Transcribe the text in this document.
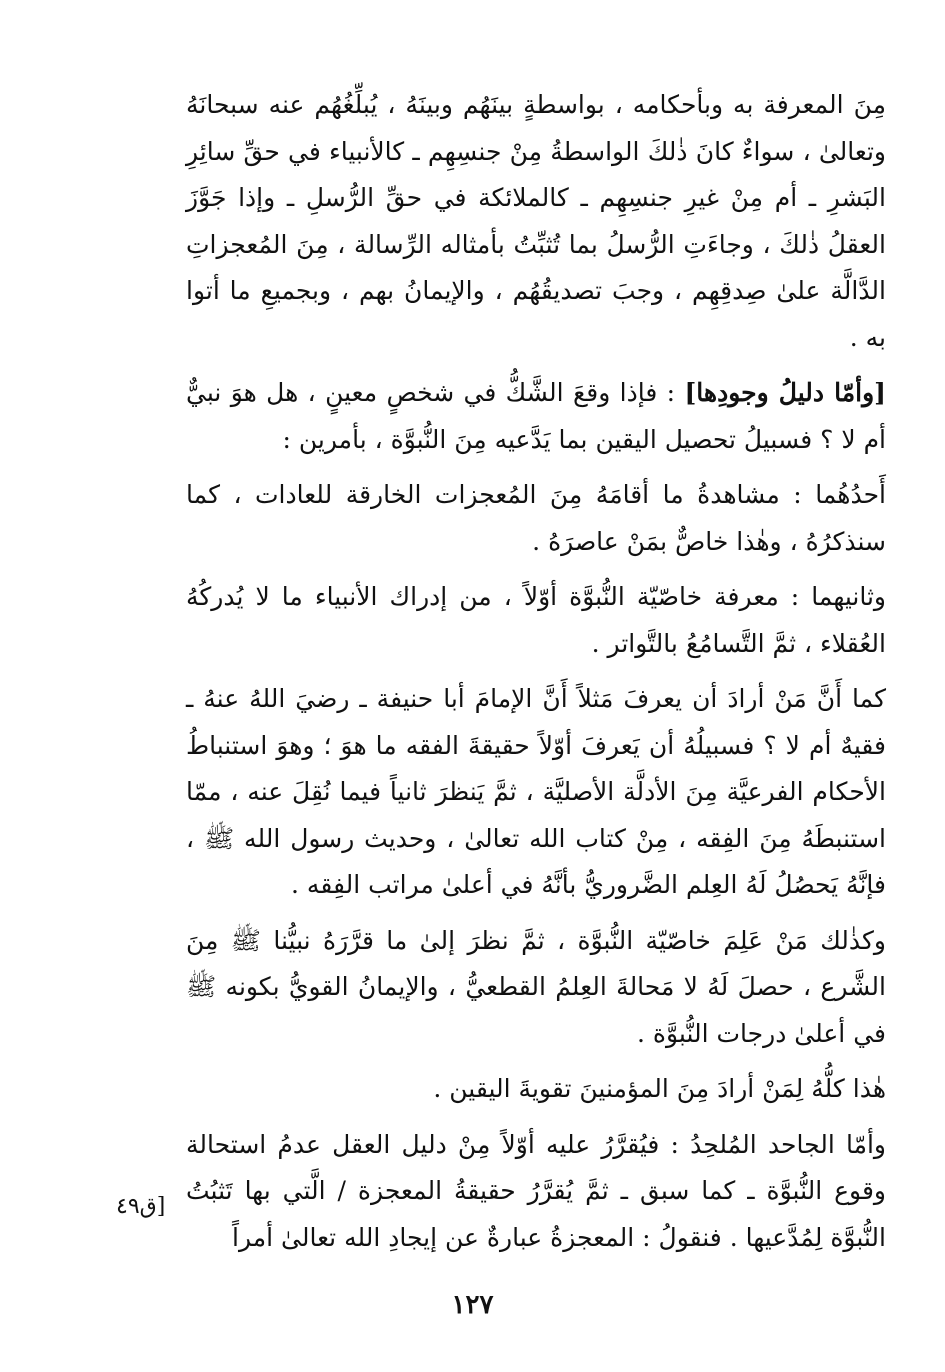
مِنَ المعرفة به وبأحكامه ، بواسطةٍ بينَهُم وبينَهُ ، يُبلِّغُهُم عنه سبحانَهُ وتعالىٰ ، سواءٌ كانَ ذٰلكَ الواسطةُ مِنْ جنسِهِم ـ كالأنبياء في حقِّ سائِرِ البَشرِ ـ أم مِنْ غيرِ جنسِهِم ـ كالملائكة في حقِّ الرُّسلِ ـ وإذا جَوَّزَ العقلُ ذٰلكَ ، وجاءَتِ الرُّسلُ بما تُثبِّتُ بأمثاله الرِّسالة ، مِنَ المُعجزاتِ الدَّالَّة علىٰ صِدقِهِم ، وجبَ تصديقُهُم ، والإيمانُ بهم ، وبجميعِ ما أتوا به .

[وأمّا دليلُ وجودِها] : فإذا وقعَ الشَّكُّ في شخصٍ معينٍ ، هل هوَ نبيٌّ أم لا ؟ فسبيلُ تحصيل اليقين بما يَدَّعيه مِنَ النُّبوَّة ، بأمرين :

أَحدُهُما : مشاهدةُ ما أقامَهُ مِنَ المُعجزات الخارقة للعادات ، كما سنذكرُهُ ، وهٰذا خاصٌّ بمَنْ عاصرَهُ .

وثانيهما : معرفة خاصّيّة النُّبوَّة أوّلاً ، من إدراك الأنبياء ما لا يُدركُهُ العُقلاء ، ثمَّ التَّسامُعُ بالتَّواتر .

كما أَنَّ مَنْ أرادَ أن يعرفَ مَثلاً أَنَّ الإمامَ أبا حنيفة ـ رضيَ اللهُ عنهُ ـ فقيهٌ أم لا ؟ فسبيلُهُ أن يَعرفَ أوّلاً حقيقةَ الفقه ما هوَ ؛ وهوَ استنباطُ الأحكام الفرعيَّة مِنَ الأدلَّة الأصليَّة ، ثمَّ يَنظرَ ثانياً فيما نُقِلَ عنه ، ممّا استنبطَهُ مِنَ الفِقه ، مِنْ كتاب الله تعالىٰ ، وحديث رسول الله ﷺ ، فإنَّهُ يَحصُلُ لَهُ العِلم الضَّروريُّ بأنَّهُ في أعلىٰ مراتب الفِقه .

وكذٰلك مَنْ عَلِمَ خاصّيّة النُّبوَّة ، ثمَّ نظرَ إلىٰ ما قرَّرَهُ نبيُّنا ﷺ مِنَ الشَّرع ، حصلَ لَهُ لا مَحالةَ العِلمُ القطعيُّ ، والإيمانُ القويُّ بكونه ﷺ في أعلىٰ درجات النُّبوَّة .

هٰذا كلُّهُ لِمَنْ أرادَ مِنَ المؤمنينَ تقويةَ اليقين .

وأمّا الجاحد المُلحِدُ : فيُقرَّرُ عليه أوّلاً مِنْ دليل العقل عدمُ استحالة وقوع النُّبوَّة ـ كما سبق ـ ثمَّ يُقرَّرُ حقيقةُ المعجزة / الَّتي بها تَثبُتُ النُّبوَّة لِمُدَّعيها . فنقولُ : المعجزةُ عبارةٌ عن إيجادِ الله تعالىٰ أمراً

[ق٤٩
١٢٧
